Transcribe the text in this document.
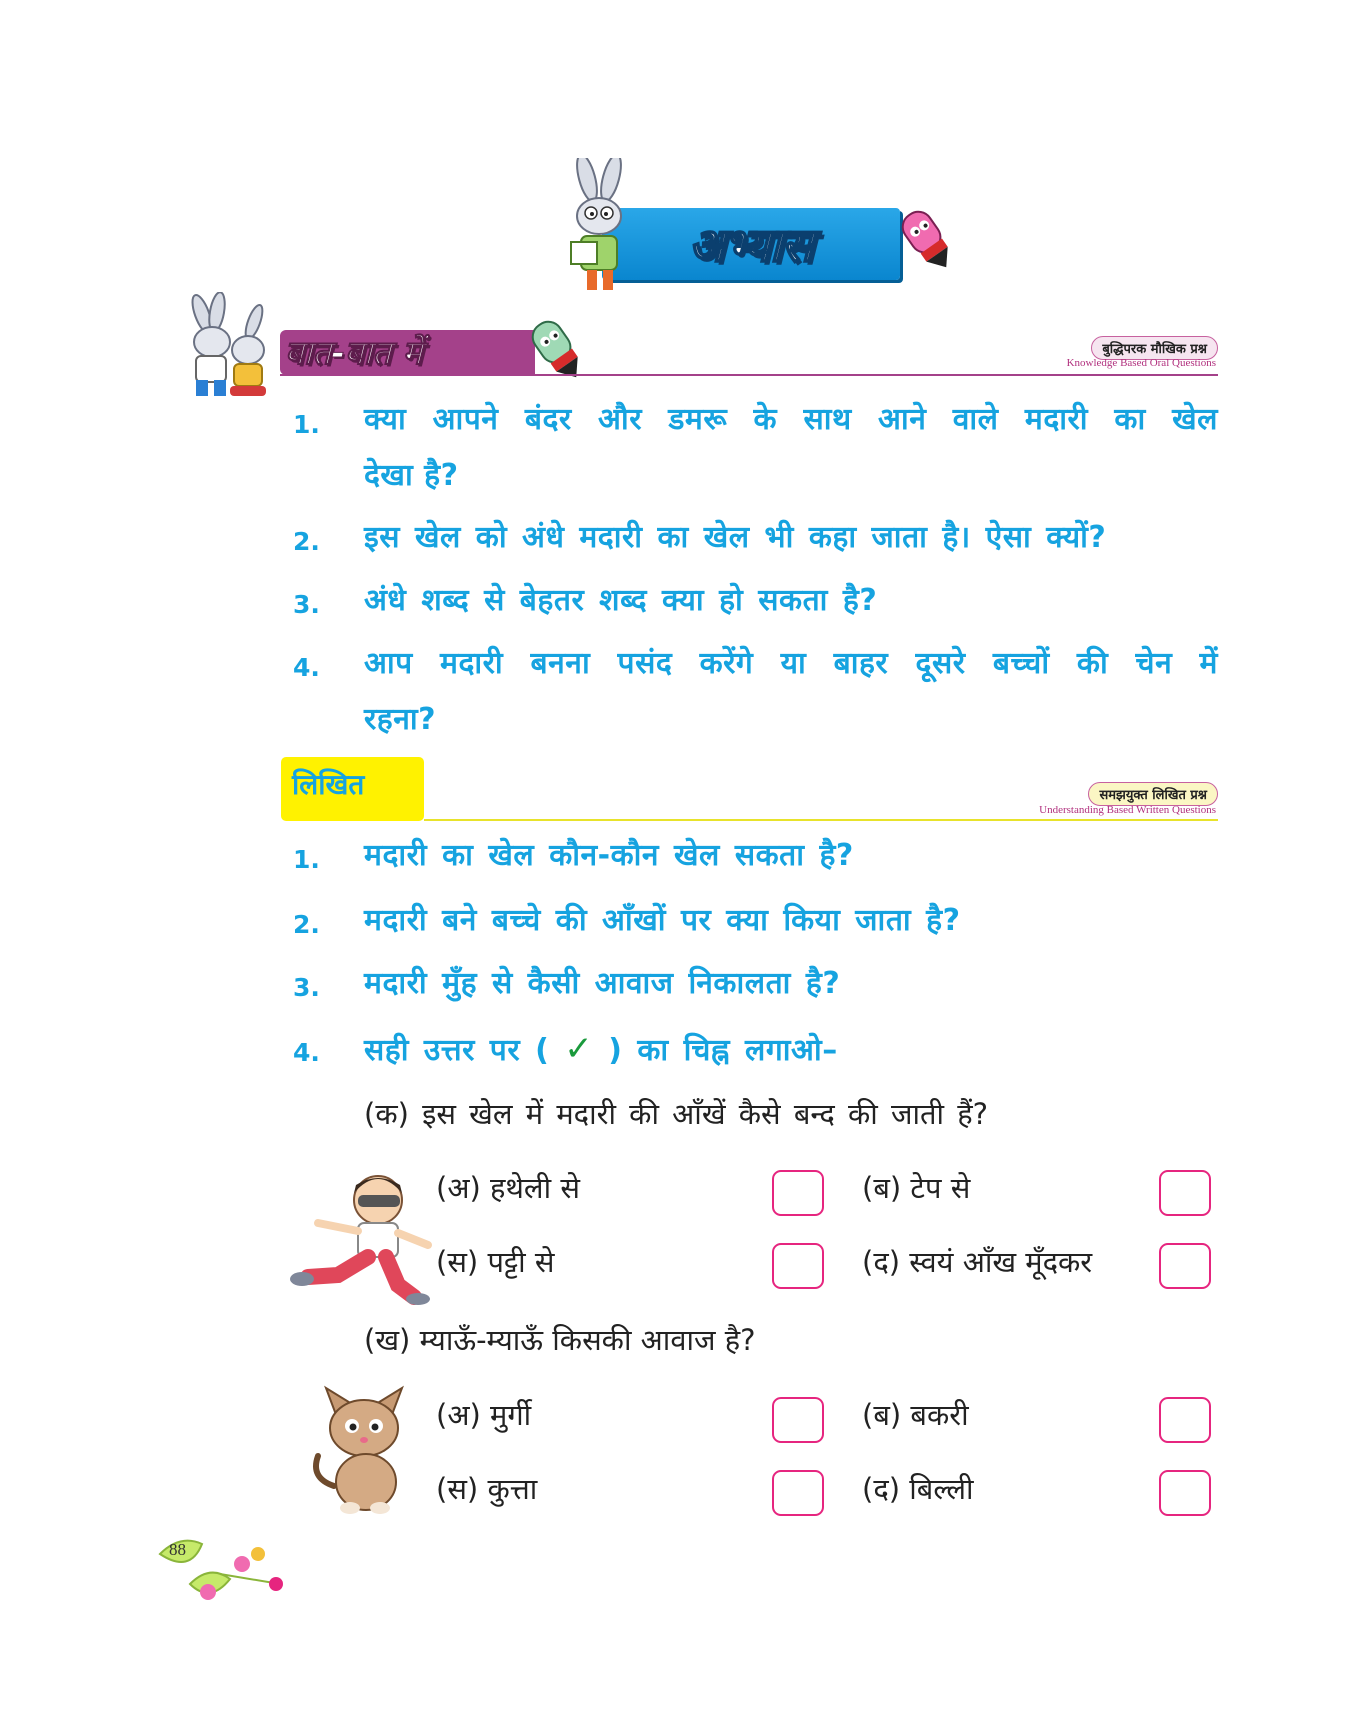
अभ्यास
बात-बात में	बुद्धिपरक मौखिक प्रश्न
Knowledge Based Oral Questions
1.	क्या आपने बंदर और डमरू के साथ आने वाले मदारी का खेल
देखा है?
2.	इस खेल को अंधे मदारी का खेल भी कहा जाता है। ऐसा क्यों?
3.	अंधे शब्द से बेहतर शब्द क्या हो सकता है?
4.	आप मदारी बनना पसंद करेंगे या बाहर दूसरे बच्चों की चेन में
रहना?
लिखित	समझयुक्त लिखित प्रश्न
Understanding Based Written Questions
1.	मदारी का खेल कौन-कौन खेल सकता है?
2.	मदारी बने बच्चे की आँखों पर क्या किया जाता है?
3.	मदारी मुँह से कैसी आवाज निकालता है?
4.	सही उत्तर पर ( ✓ ) का चिह्न लगाओ–
(क) इस खेल में मदारी की आँखें कैसे बन्द की जाती हैं?
(अ) हथेली से	(ब) टेप से
(स) पट्टी से	(द) स्वयं आँख मूँदकर
(ख) म्याऊँ-म्याऊँ किसकी आवाज है?
(अ) मुर्गी	(ब) बकरी
(स) कुत्ता	(द) बिल्ली
88
